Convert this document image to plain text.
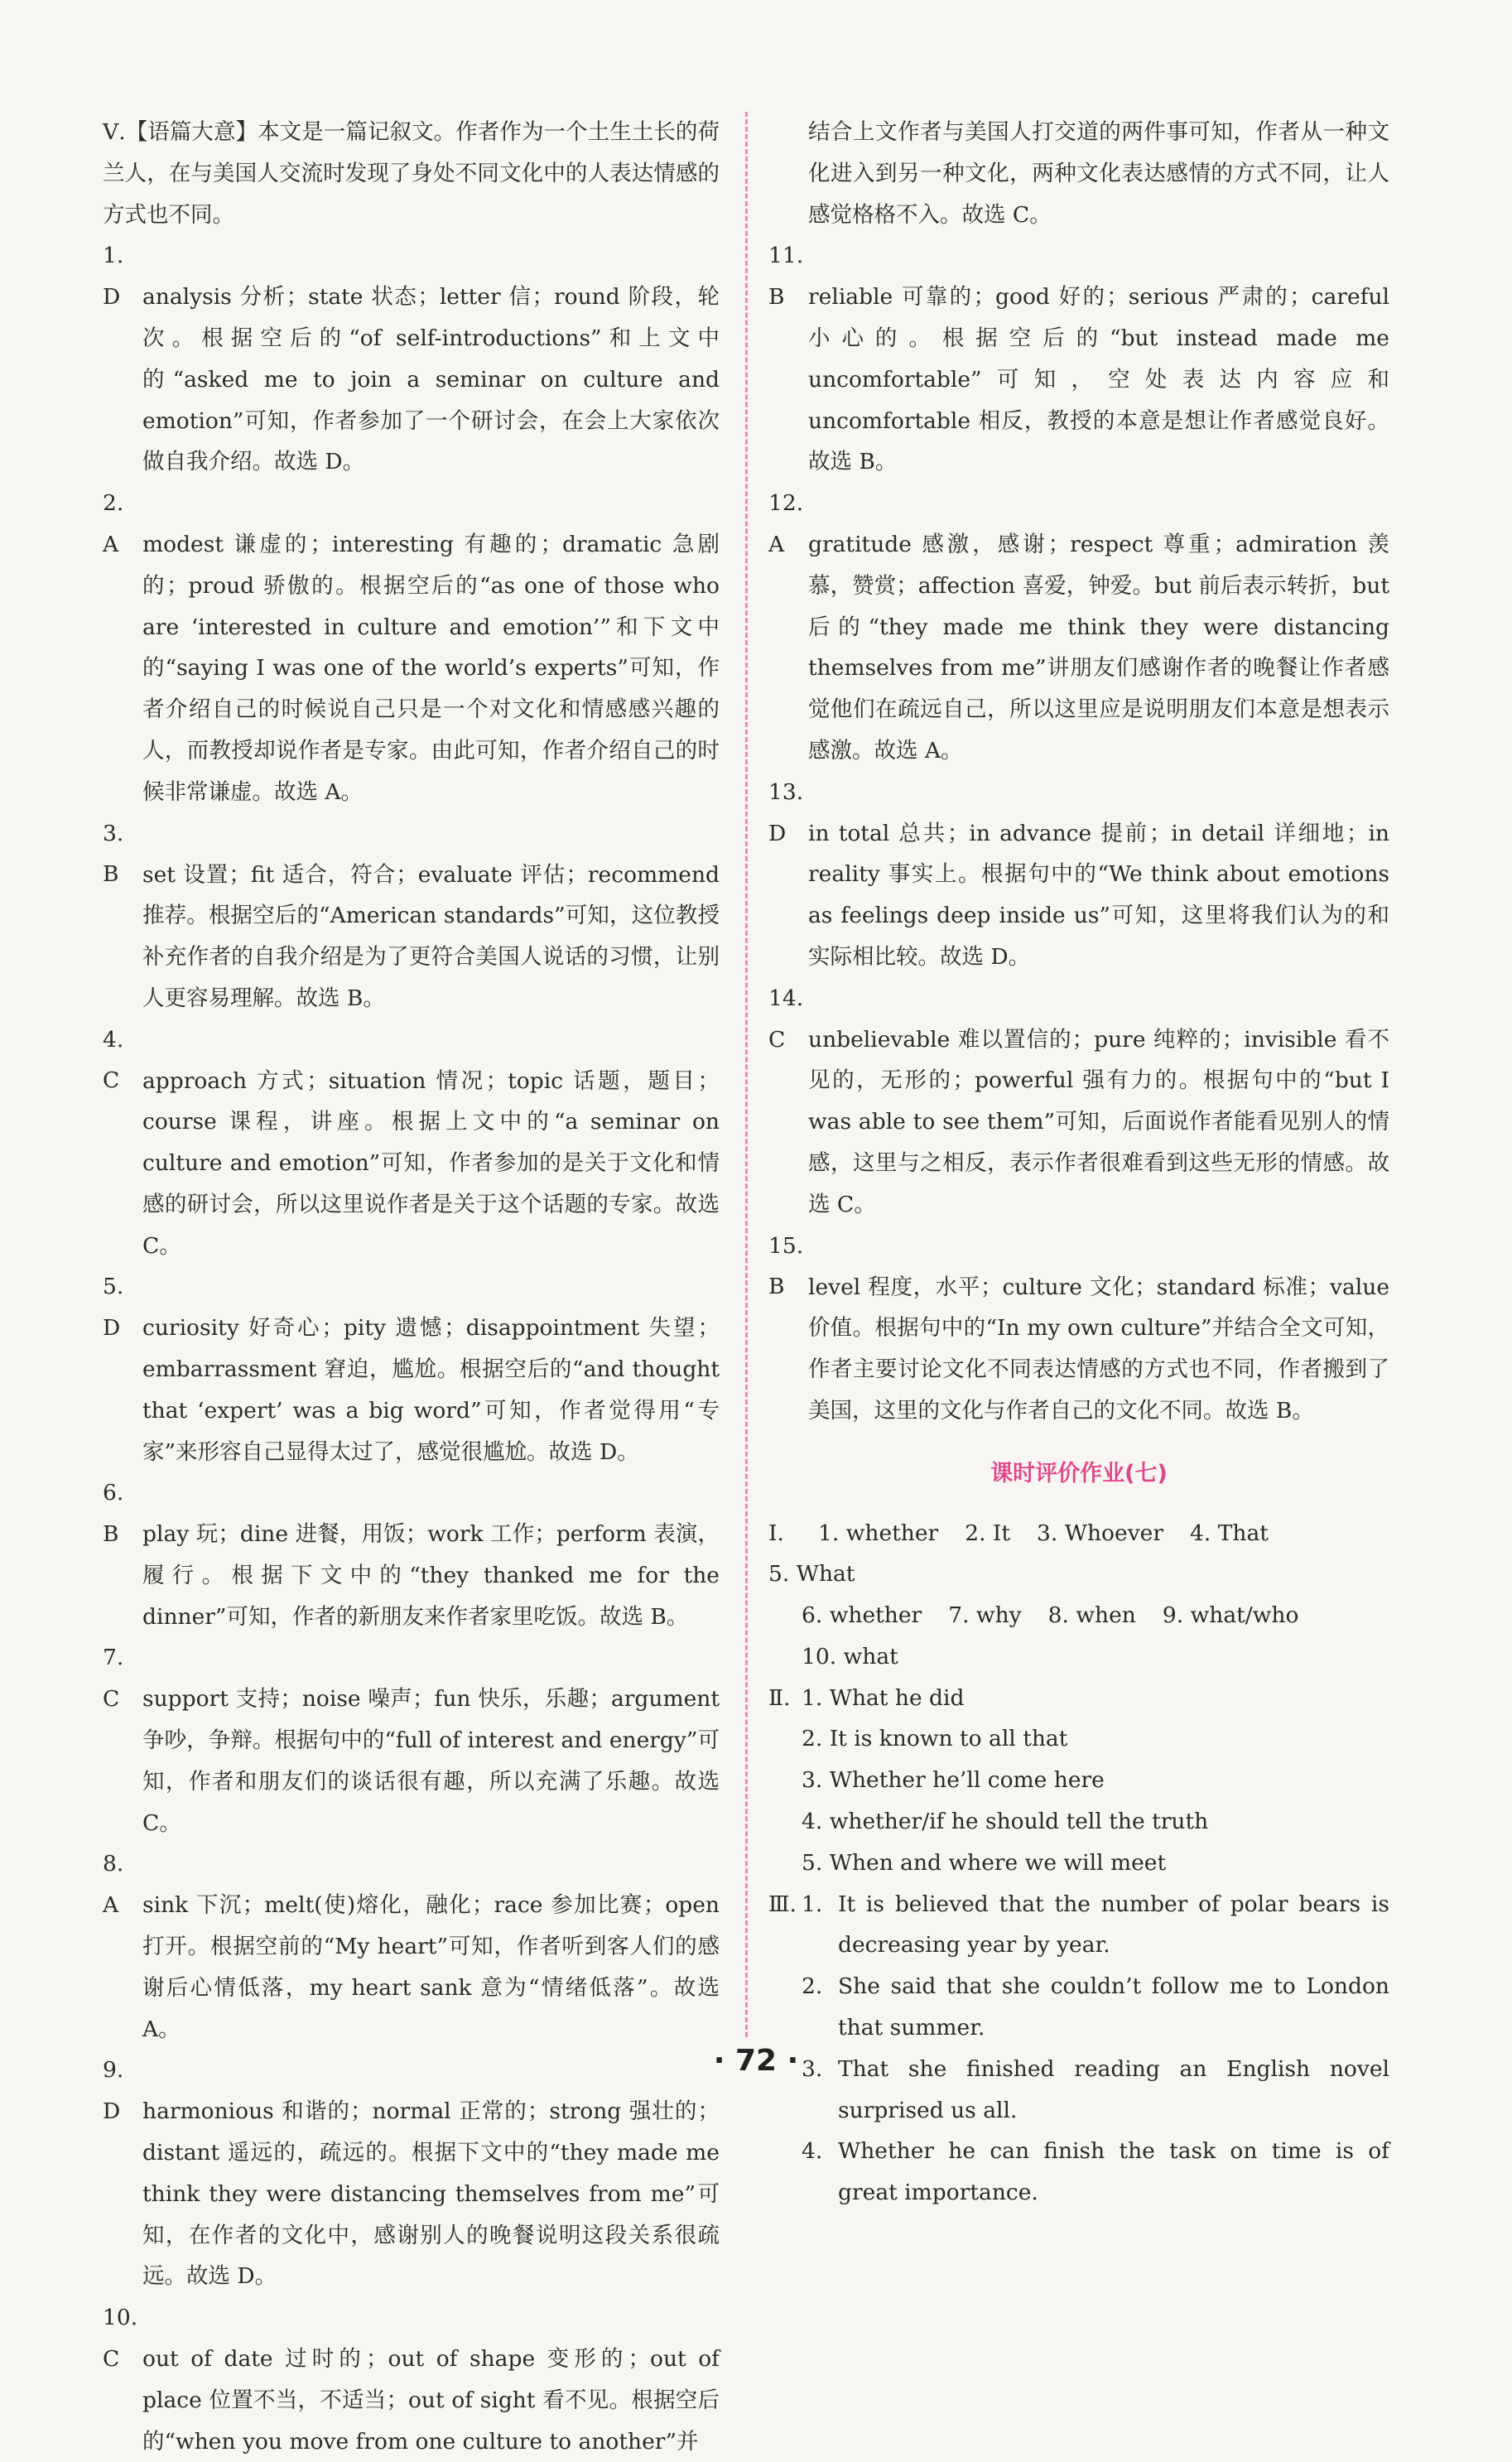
Ⅴ.【语篇大意】本文是一篇记叙文。作者作为一个土生土长的荷兰人，在与美国人交流时发现了身处不同文化中的人表达情感的方式也不同。

1. D analysis 分析；state 状态；letter 信；round 阶段，轮次。根据空后的“of self-introductions”和上文中的“asked me to join a seminar on culture and emotion”可知，作者参加了一个研讨会，在会上大家依次做自我介绍。故选 D。

2. A modest 谦虚的；interesting 有趣的；dramatic 急剧的；proud 骄傲的。根据空后的“as one of those who are ‘interested in culture and emotion’”和下文中的“saying I was one of the world’s experts”可知，作者介绍自己的时候说自己只是一个对文化和情感感兴趣的人，而教授却说作者是专家。由此可知，作者介绍自己的时候非常谦虚。故选 A。

3. B set 设置；fit 适合，符合；evaluate 评估；recommend 推荐。根据空后的“American standards”可知，这位教授补充作者的自我介绍是为了更符合美国人说话的习惯，让别人更容易理解。故选 B。

4. C approach 方式；situation 情况；topic 话题，题目；course 课程，讲座。根据上文中的“a seminar on culture and emotion”可知，作者参加的是关于文化和情感的研讨会，所以这里说作者是关于这个话题的专家。故选 C。

5. D curiosity 好奇心；pity 遗憾；disappointment 失望；embarrassment 窘迫，尴尬。根据空后的“and thought that ‘expert’ was a big word”可知，作者觉得用“专家”来形容自己显得太过了，感觉很尴尬。故选 D。

6. B play 玩；dine 进餐，用饭；work 工作；perform 表演，履行。根据下文中的“they thanked me for the dinner”可知，作者的新朋友来作者家里吃饭。故选 B。

7. C support 支持；noise 噪声；fun 快乐，乐趣；argument 争吵，争辩。根据句中的“full of interest and energy”可知，作者和朋友们的谈话很有趣，所以充满了乐趣。故选 C。

8. A sink 下沉；melt(使)熔化，融化；race 参加比赛；open 打开。根据空前的“My heart”可知，作者听到客人们的感谢后心情低落，my heart sank 意为“情绪低落”。故选 A。

9. D harmonious 和谐的；normal 正常的；strong 强壮的；distant 遥远的，疏远的。根据下文中的“they made me think they were distancing themselves from me”可知，在作者的文化中，感谢别人的晚餐说明这段关系很疏远。故选 D。

10. C out of date 过时的；out of shape 变形的；out of place 位置不当，不适当；out of sight 看不见。根据空后的“when you move from one culture to another”并

结合上文作者与美国人打交道的两件事可知，作者从一种文化进入到另一种文化，两种文化表达感情的方式不同，让人感觉格格不入。故选 C。

11. B reliable 可靠的；good 好的；serious 严肃的；careful 小心的。根据空后的“but instead made me uncomfortable”可知，空处表达内容应和 uncomfortable 相反，教授的本意是想让作者感觉良好。故选 B。

12. A gratitude 感激，感谢；respect 尊重；admiration 羡慕，赞赏；affection 喜爱，钟爱。but 前后表示转折，but 后的“they made me think they were distancing themselves from me”讲朋友们感谢作者的晚餐让作者感觉他们在疏远自己，所以这里应是说明朋友们本意是想表示感激。故选 A。

13. D in total 总共；in advance 提前；in detail 详细地；in reality 事实上。根据句中的“We think about emotions as feelings deep inside us”可知，这里将我们认为的和实际相比较。故选 D。

14. C unbelievable 难以置信的；pure 纯粹的；invisible 看不见的，无形的；powerful 强有力的。根据句中的“but I was able to see them”可知，后面说作者能看见别人的情感，这里与之相反，表示作者很难看到这些无形的情感。故选 C。

15. B level 程度，水平；culture 文化；standard 标准；value 价值。根据句中的“In my own culture”并结合全文可知，作者主要讨论文化不同表达情感的方式也不同，作者搬到了美国，这里的文化与作者自己的文化不同。故选 B。

课时评价作业(七)
Ⅰ. 1. whether 2. It 3. Whoever 4. That5. What
6. whether 7. why 8. when 9. what/who
10. what
Ⅱ. 1. What he did
2. It is known to all that
3. Whether he’ll come here
4. whether/if he should tell the truth
5. When and where we will meet

Ⅲ. 1. It is believed that the number of polar bears is decreasing year by year.

2. She said that she couldn’t follow me to London that summer.

3. That she finished reading an English novel surprised us all.

4. Whether he can finish the task on time is of great importance.

· 72 ·
